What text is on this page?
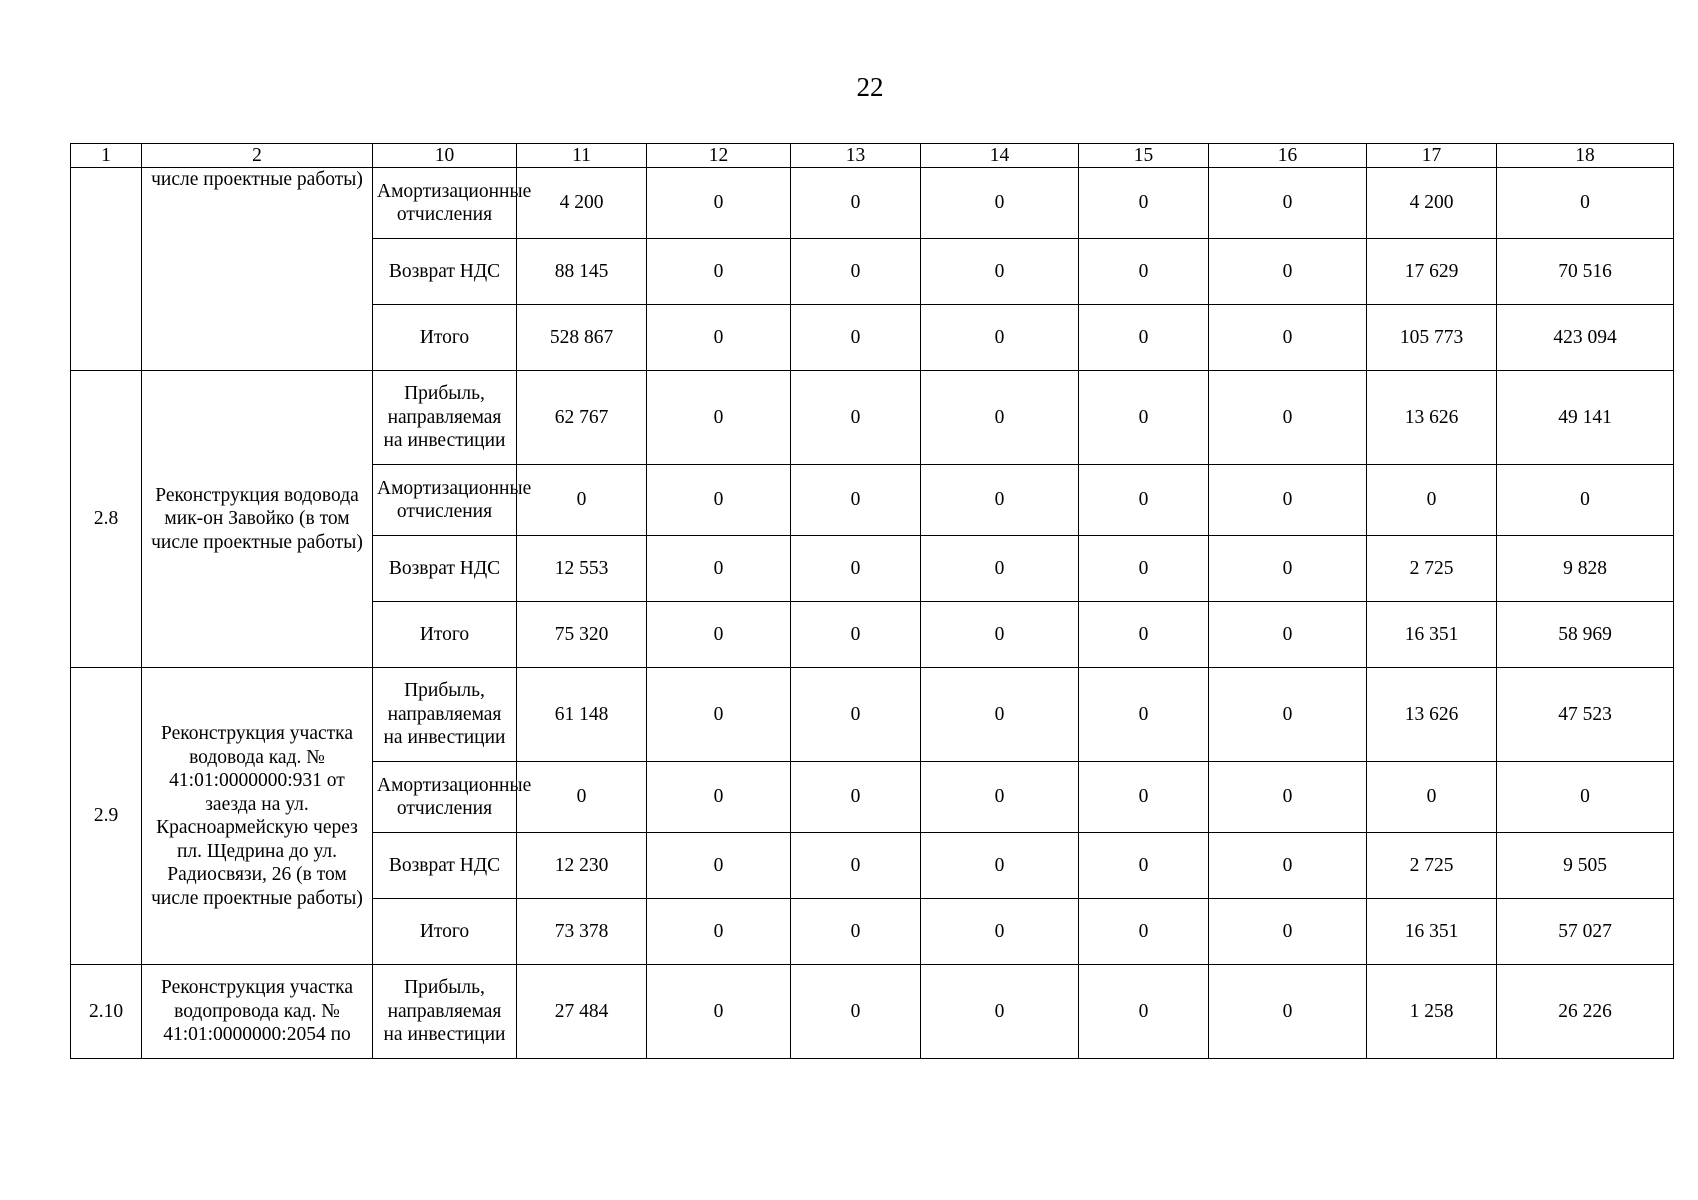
22
1	2	10	11	12	13	14	15	16	17	18
	числе проектные работы)	Амортизационные отчисления	4 200	0	0	0	0	0	4 200	0
		Возврат НДС	88 145	0	0	0	0	0	17 629	70 516
		Итого	528 867	0	0	0	0	0	105 773	423 094
2.8	Реконструкция водовода мик-он Завойко (в том числе проектные работы)	Прибыль, направляемая на инвестиции	62 767	0	0	0	0	0	13 626	49 141
		Амортизационные отчисления	0	0	0	0	0	0	0	0
		Возврат НДС	12 553	0	0	0	0	0	2 725	9 828
		Итого	75 320	0	0	0	0	0	16 351	58 969
2.9	Реконструкция участка водовода кад. № 41:01:0000000:931 от заезда на ул. Красноармейскую через пл. Щедрина до ул. Радиосвязи, 26 (в том числе проектные работы)	Прибыль, направляемая на инвестиции	61 148	0	0	0	0	0	13 626	47 523
		Амортизационные отчисления	0	0	0	0	0	0	0	0
		Возврат НДС	12 230	0	0	0	0	0	2 725	9 505
		Итого	73 378	0	0	0	0	0	16 351	57 027
2.10	Реконструкция участка водопровода кад. № 41:01:0000000:2054 по	Прибыль, направляемая на инвестиции	27 484	0	0	0	0	0	1 258	26 226
